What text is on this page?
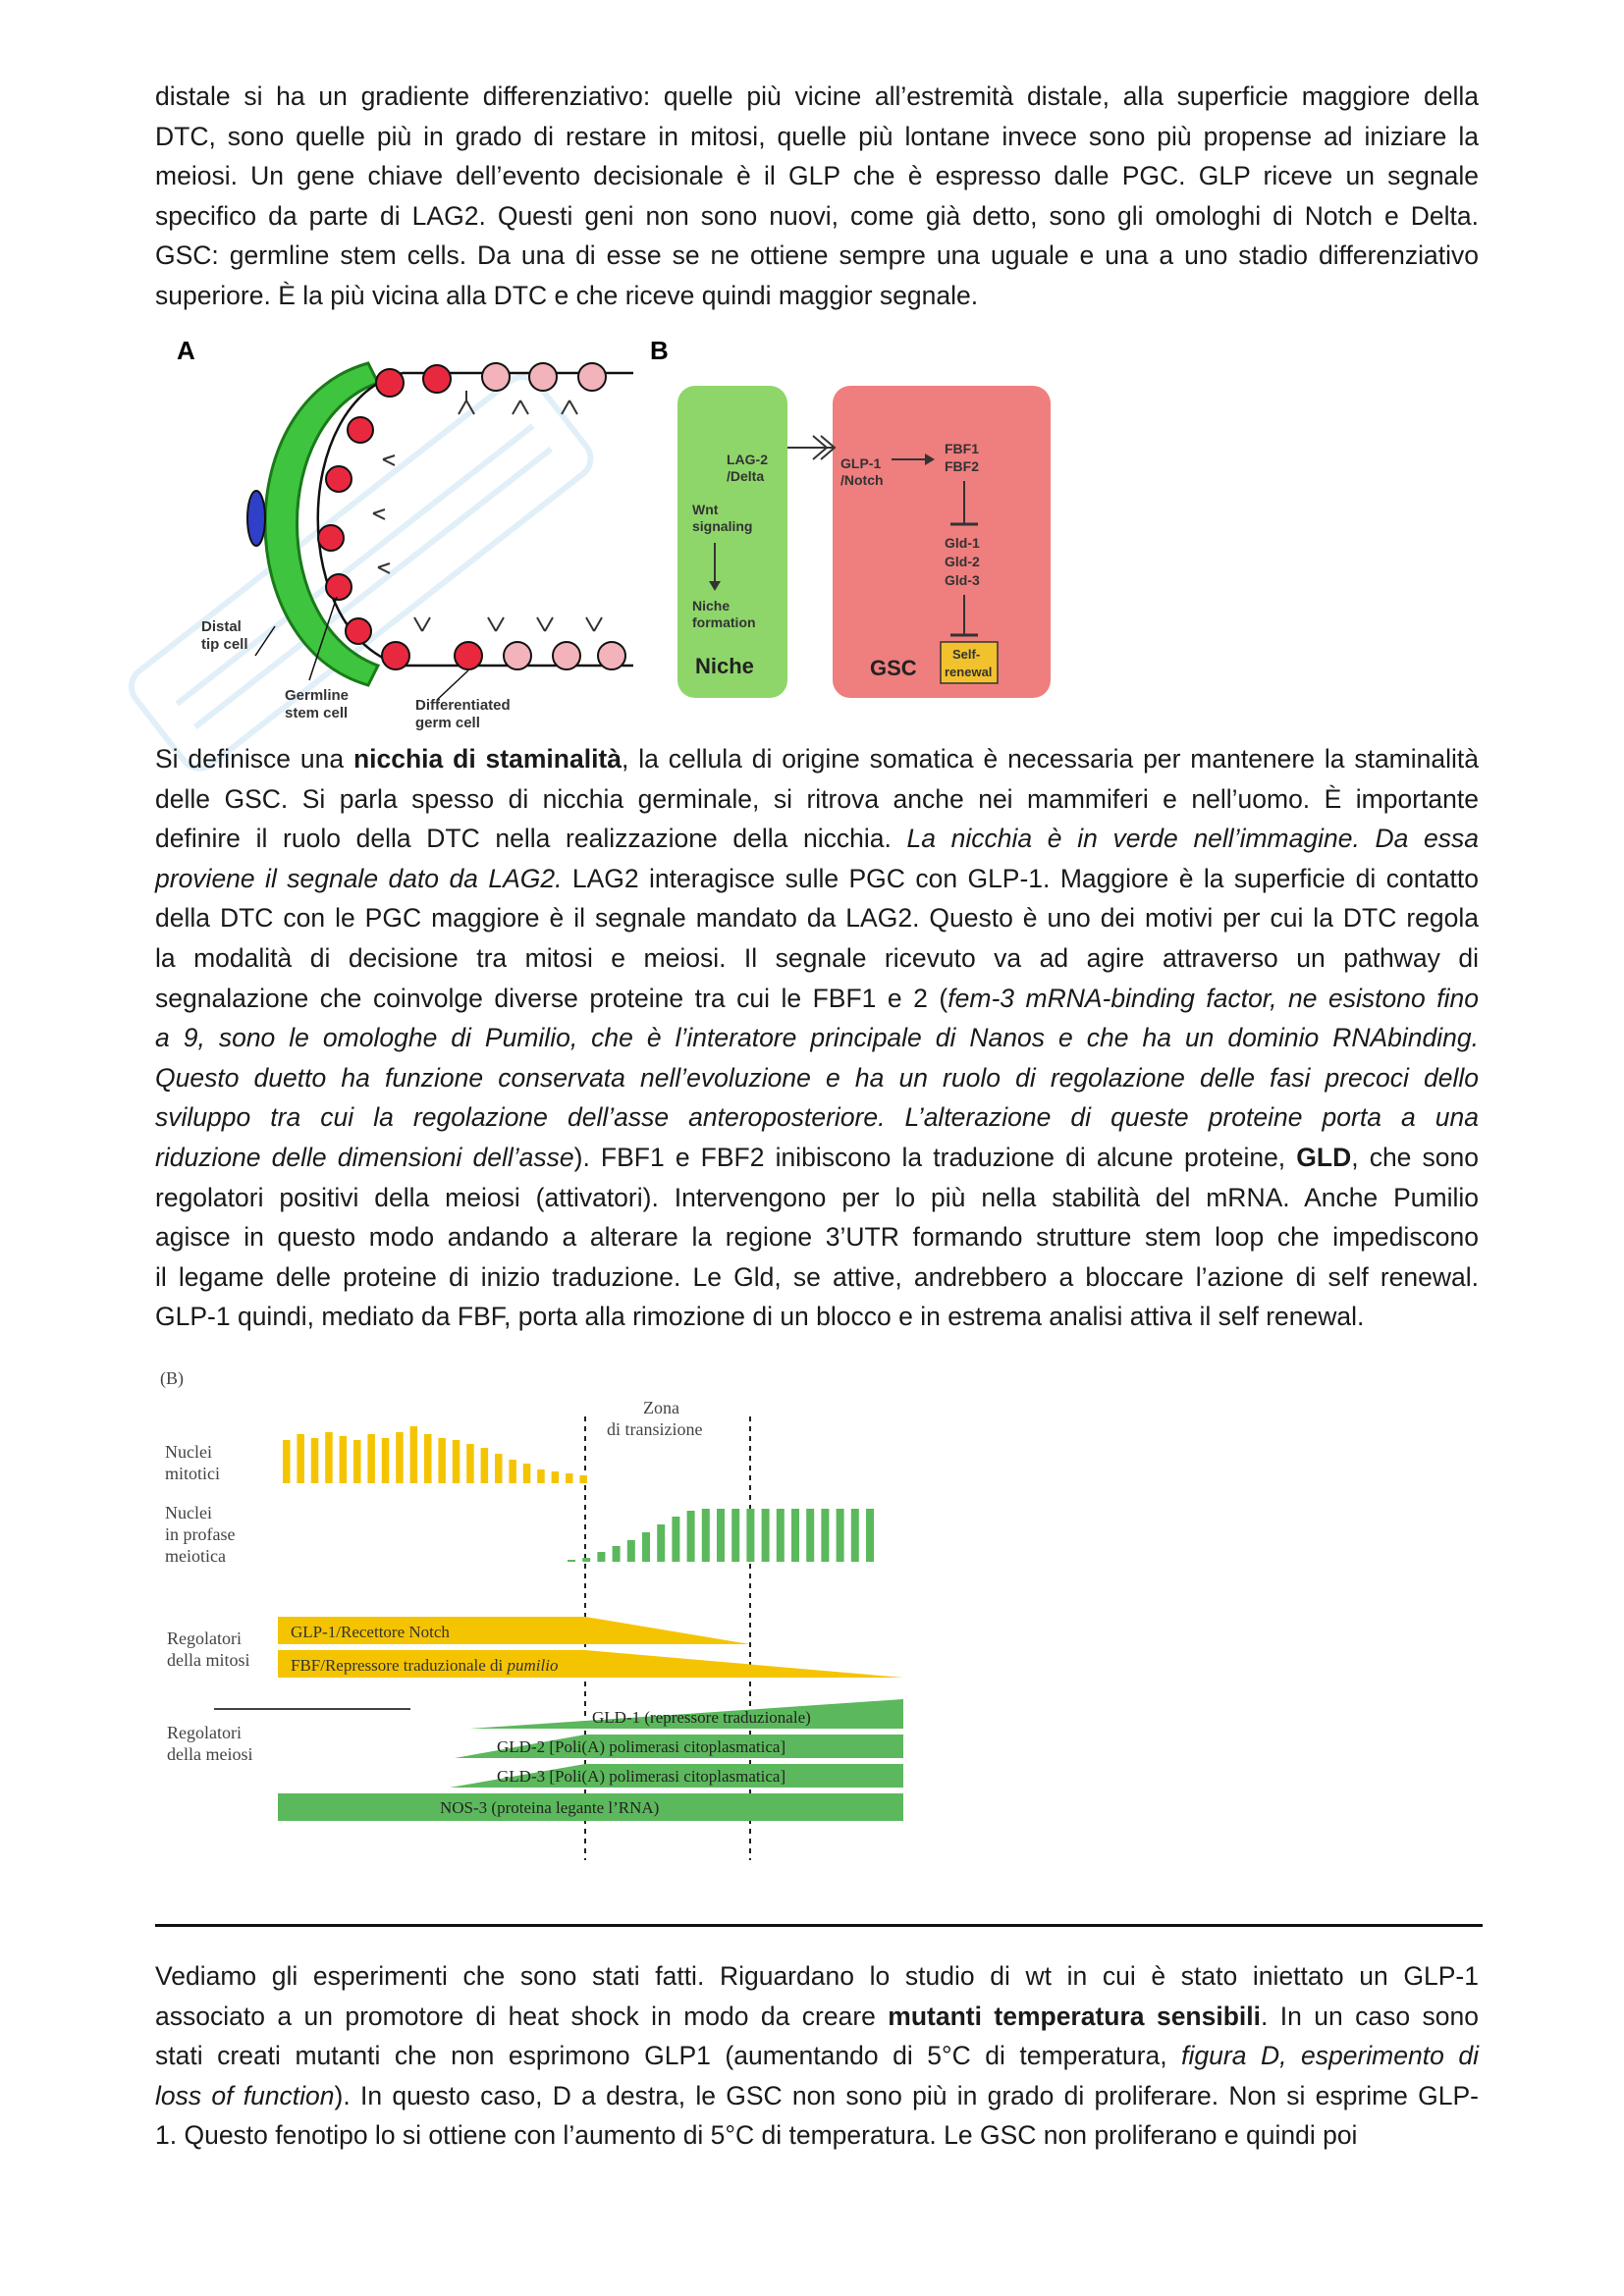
distale si ha un gradiente differenziativo: quelle più vicine all’estremità distale, alla superficie maggiore della
DTC, sono quelle più in grado di restare in mitosi, quelle più lontane invece sono più propense ad iniziare la
meiosi. Un gene chiave dell’evento decisionale è il GLP che è espresso dalle PGC. GLP riceve un segnale
specifico da parte di LAG2. Questi geni non sono nuovi, come già detto, sono gli omologhi di Notch e Delta.
GSC: germline stem cells. Da una di esse se ne ottiene sempre una uguale e una a uno stadio differenziativo
superiore. È la più vicina alla DTC e che riceve quindi maggior segnale.
A
Distal
tip cell
Germline
stem cell	Differentiated
germ cell
B
LAG-2
/Delta
Wnt
signaling
Niche
formation
Niche
GLP-1
/Notch
FBF1
FBF2
Gld-1
Gld-2
Gld-3
Self-
renewal
GSC
Si definisce una nicchia di staminalità, la cellula di origine somatica è necessaria per mantenere la staminalità
delle GSC. Si parla spesso di nicchia germinale, si ritrova anche nei mammiferi e nell’uomo. È importante
definire il ruolo della DTC nella realizzazione della nicchia. La nicchia è in verde nell’immagine. Da essa
proviene il segnale dato da LAG2. LAG2 interagisce sulle PGC con GLP-1. Maggiore è la superficie di contatto
della DTC con le PGC maggiore è il segnale mandato da LAG2. Questo è uno dei motivi per cui la DTC regola
la modalità di decisione tra mitosi e meiosi. Il segnale ricevuto va ad agire attraverso un pathway di
segnalazione che coinvolge diverse proteine tra cui le FBF1 e 2 (fem-3 mRNA-binding factor, ne esistono fino
a 9, sono le omologhe di Pumilio, che è l’interatore principale di Nanos e che ha un dominio RNAbinding.
Questo duetto ha funzione conservata nell’evoluzione e ha un ruolo di regolazione delle fasi precoci dello
sviluppo tra cui la regolazione dell’asse anteroposteriore. L’alterazione di queste proteine porta a una
riduzione delle dimensioni dell’asse). FBF1 e FBF2 inibiscono la traduzione di alcune proteine, GLD, che sono
regolatori positivi della meiosi (attivatori). Intervengono per lo più nella stabilità del mRNA. Anche Pumilio
agisce in questo modo andando a alterare la regione 3’UTR formando strutture stem loop che impediscono
il legame delle proteine di inizio traduzione. Le Gld, se attive, andrebbero a bloccare l’azione di self renewal.
GLP-1 quindi, mediato da FBF, porta alla rimozione di un blocco e in estrema analisi attiva il self renewal.
(B)
Zona
di transizione
Nuclei
mitotici
Nuclei
in profase
meiotica
Regolatori
della mitosi
GLP-1/Recettore Notch
FBF/Repressore traduzionale di pumilio
Regolatori
della meiosi
GLD-1 (repressore traduzionale)
GLD-2 [Poli(A) polimerasi citoplasmatica]
GLD-3 [Poli(A) polimerasi citoplasmatica]
NOS-3 (proteina legante l’RNA)
Vediamo gli esperimenti che sono stati fatti. Riguardano lo studio di wt in cui è stato iniettato un GLP-1
associato a un promotore di heat shock in modo da creare mutanti temperatura sensibili. In un caso sono
stati creati mutanti che non esprimono GLP1 (aumentando di 5°C di temperatura, figura D, esperimento di
loss of function). In questo caso, D a destra, le GSC non sono più in grado di proliferare. Non si esprime GLP-
1. Questo fenotipo lo si ottiene con l’aumento di 5°C di temperatura. Le GSC non proliferano e quindi poi
